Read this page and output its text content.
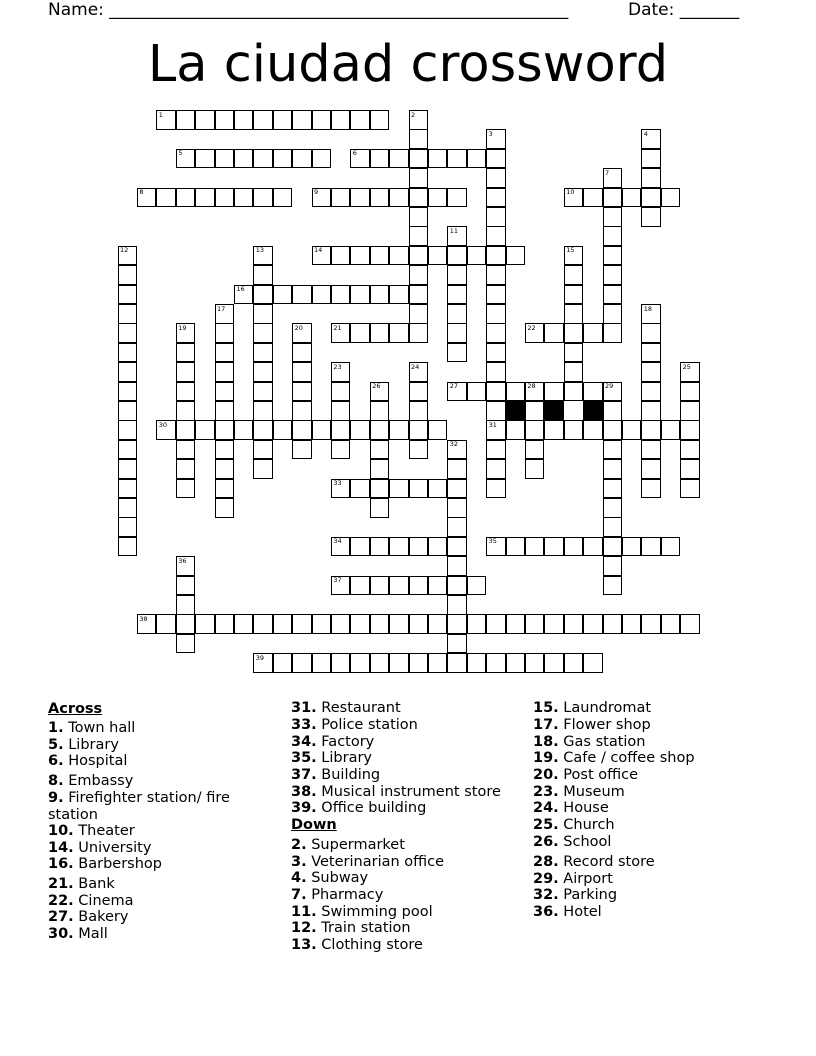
Name: ______________________________________________________	Date: _______
La ciudad crossword
1	2
3
31
4
5	6
7
8	9	10
11
12	13	14	15
16
17	18
19	20	21	22
23	24	25
26	27	28	29
30
32
33
34	35
36
37
38
39
Across
1. Town hall
5. Library
6. Hospital
8. Embassy
9. Firefighter station/ fire station
10. Theater
14. University
16. Barbershop
21. Bank
22. Cinema
27. Bakery
30. Mall
31. Restaurant
33. Police station
34. Factory
35. Library
37. Building
38. Musical instrument store
39. Office building
Down
2. Supermarket
3. Veterinarian office
4. Subway
7. Pharmacy
11. Swimming pool
12. Train station
13. Clothing store
15. Laundromat
17. Flower shop
18. Gas station
19. Cafe / coffee shop
20. Post office
23. Museum
24. House
25. Church
26. School
28. Record store
29. Airport
32. Parking
36. Hotel
